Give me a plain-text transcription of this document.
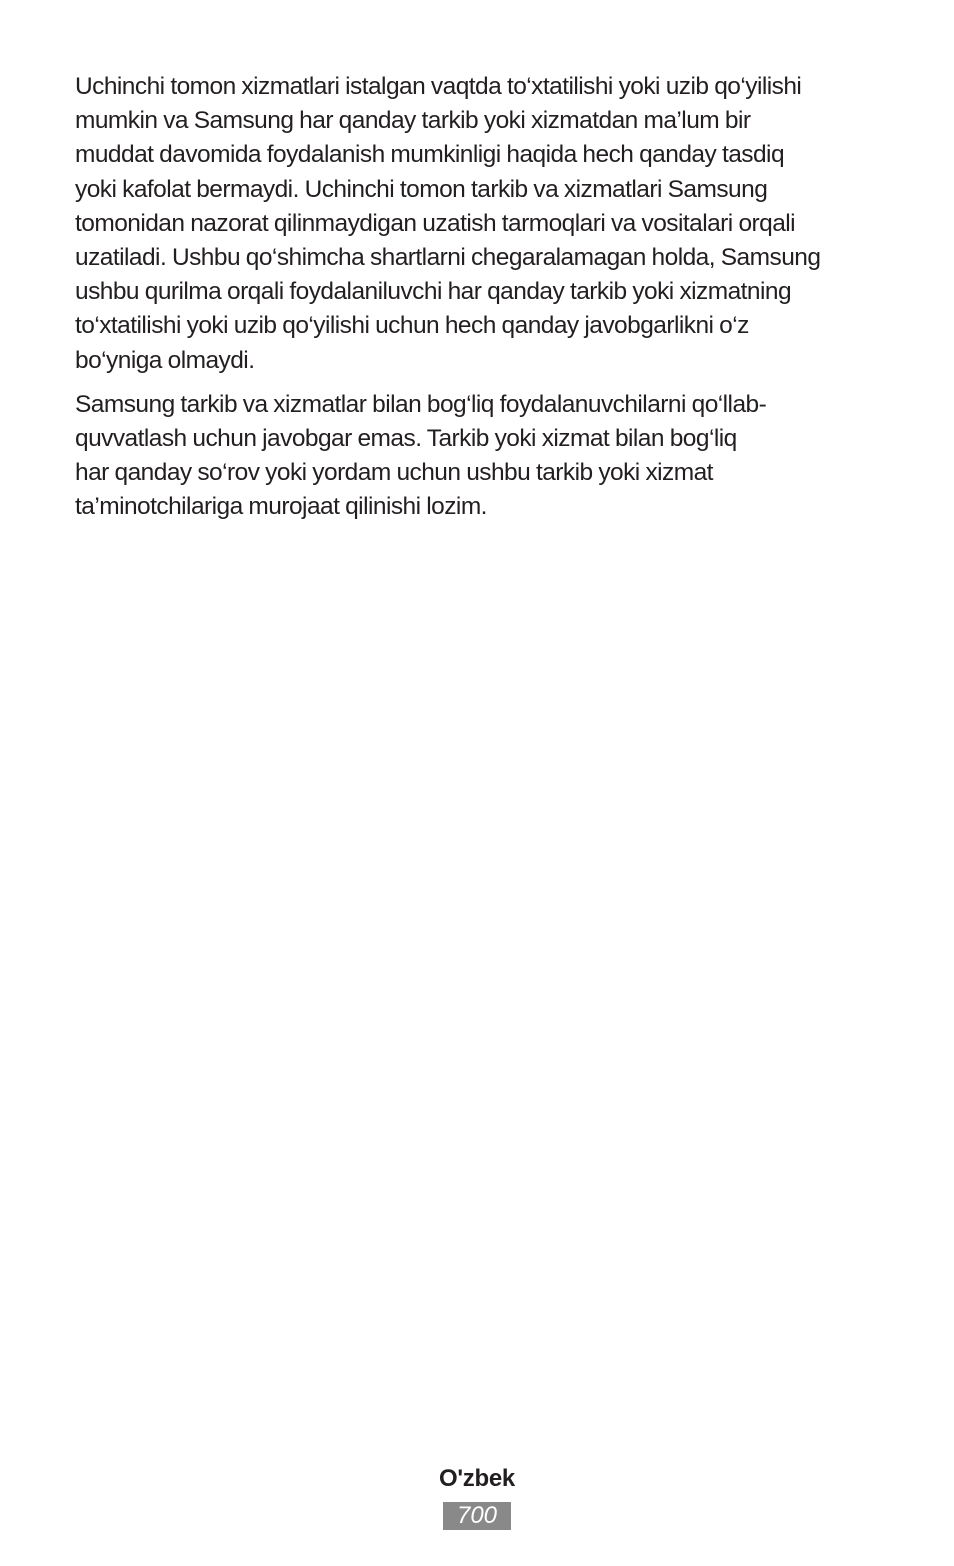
Uchinchi tomon xizmatlari istalgan vaqtda to‘xtatilishi yoki uzib qo‘yilishi
mumkin va Samsung har qanday tarkib yoki xizmatdan ma’lum bir
muddat davomida foydalanish mumkinligi haqida hech qanday tasdiq
yoki kafolat bermaydi. Uchinchi tomon tarkib va xizmatlari Samsung
tomonidan nazorat qilinmaydigan uzatish tarmoqlari va vositalari orqali
uzatiladi. Ushbu qo‘shimcha shartlarni chegaralamagan holda, Samsung
ushbu qurilma orqali foydalaniluvchi har qanday tarkib yoki xizmatning
to‘xtatilishi yoki uzib qo‘yilishi uchun hech qanday javobgarlikni o‘z
bo‘yniga olmaydi.

Samsung tarkib va xizmatlar bilan bog‘liq foydalanuvchilarni qo‘llab-
quvvatlash uchun javobgar emas. Tarkib yoki xizmat bilan bog‘liq
har qanday so‘rov yoki yordam uchun ushbu tarkib yoki xizmat
ta’minotchilariga murojaat qilinishi lozim.

O'zbek
700
